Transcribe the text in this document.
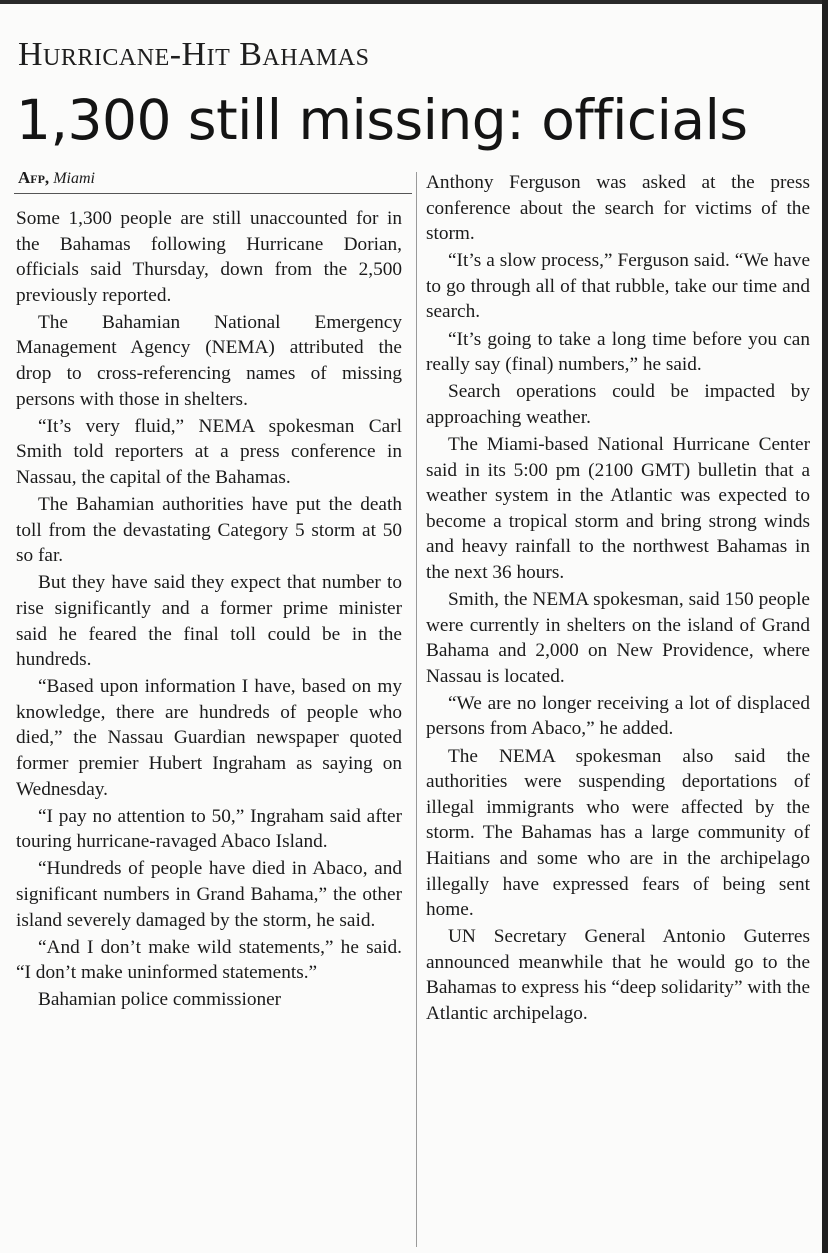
Hurricane-Hit Bahamas
1,300 still missing: officials
Afp, Miami

Some 1,300 people are still unaccounted for in the Bahamas following Hurricane Dorian, officials said Thursday, down from the 2,500 previously reported.

The Bahamian National Emergency Management Agency (NEMA) attributed the drop to cross-referencing names of missing persons with those in shelters.

“It’s very fluid,” NEMA spokesman Carl Smith told reporters at a press conference in Nassau, the capital of the Bahamas.

The Bahamian authorities have put the death toll from the devastating Category 5 storm at 50 so far.

But they have said they expect that number to rise significantly and a former prime minister said he feared the final toll could be in the hundreds.

“Based upon information I have, based on my knowledge, there are hundreds of people who died,” the Nassau Guardian newspaper quoted former premier Hubert Ingraham as saying on Wednesday.

“I pay no attention to 50,” Ingraham said after touring hurricane-ravaged Abaco Island.

“Hundreds of people have died in Abaco, and significant numbers in Grand Bahama,” the other island severely damaged by the storm, he said.

“And I don’t make wild statements,” he said. “I don’t make uninformed statements.”

Bahamian police commissioner

Anthony Ferguson was asked at the press conference about the search for victims of the storm.

“It’s a slow process,” Ferguson said. “We have to go through all of that rubble, take our time and search.

“It’s going to take a long time before you can really say (final) numbers,” he said.

Search operations could be impacted by approaching weather.

The Miami-based National Hurricane Center said in its 5:00 pm (2100 GMT) bulletin that a weather system in the Atlantic was expected to become a tropical storm and bring strong winds and heavy rainfall to the northwest Bahamas in the next 36 hours.

Smith, the NEMA spokesman, said 150 people were currently in shelters on the island of Grand Bahama and 2,000 on New Providence, where Nassau is located.

“We are no longer receiving a lot of displaced persons from Abaco,” he added.

The NEMA spokesman also said the authorities were suspending deportations of illegal immigrants who were affected by the storm. The Bahamas has a large community of Haitians and some who are in the archipelago illegally have expressed fears of being sent home.

UN Secretary General Antonio Guterres announced meanwhile that he would go to the Bahamas to express his “deep solidarity” with the Atlantic archipelago.
